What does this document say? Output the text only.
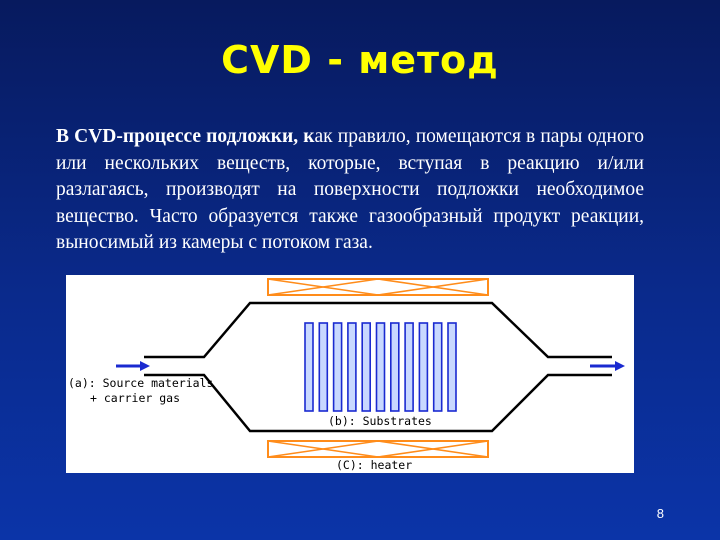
CVD - метод

В CVD-процессе подложки, как правило, помещаются в пары одного или нескольких веществ, которые, вступая в реакцию и/или разлагаясь, производят на поверхности подложки необходимое вещество. Часто образуется также газообразный продукт реакции, выносимый из камеры с потоком газа.

(a): Source materials
+ carrier gas
(b): Substrates
(C): heater
8
